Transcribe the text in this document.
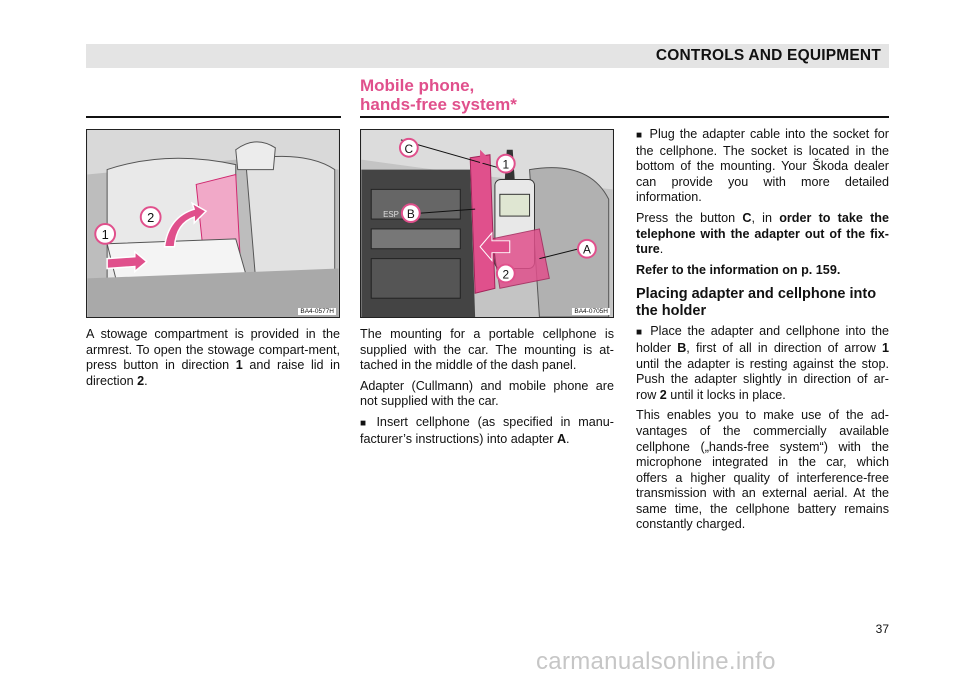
CONTROLS AND EQUIPMENT
Mobile phone,
hands-free system*
1
2
BA4-0577H
ESP
C
B
A
1
2
BA4-0705H

A stowage compartment is provided in the armrest. To open the stowage compart-ment, press button in direction 1 and raise lid in direction 2.

The mounting for a portable cellphone is supplied with the car. The mounting is at-tached in the middle of the dash panel.

Adapter (Cullmann) and mobile phone are not supplied with the car.

■ Insert cellphone (as specified in manu-facturer’s instructions) into adapter A.

■ Plug the adapter cable into the socket for the cellphone. The socket is located in the bottom of the mounting. Your Škoda dealer can provide you with more detailed information.

Press the button C, in order to take the telephone with the adapter out of the fix-ture.

Refer to the information on p. 159.

Placing adapter and cellphone into the holder

■ Place the adapter and cellphone into the holder B, first of all in direction of arrow 1 until the adapter is resting against the stop. Push the adapter slightly in direction of ar-row 2 until it locks in place.

This enables you to make use of the ad-vantages of the commercially available cellphone („hands-free system“) with the microphone integrated in the car, which offers a higher quality of interference-free transmission with an external aerial. At the same time, the cellphone battery remains constantly charged.

37
carmanualsonline.info
